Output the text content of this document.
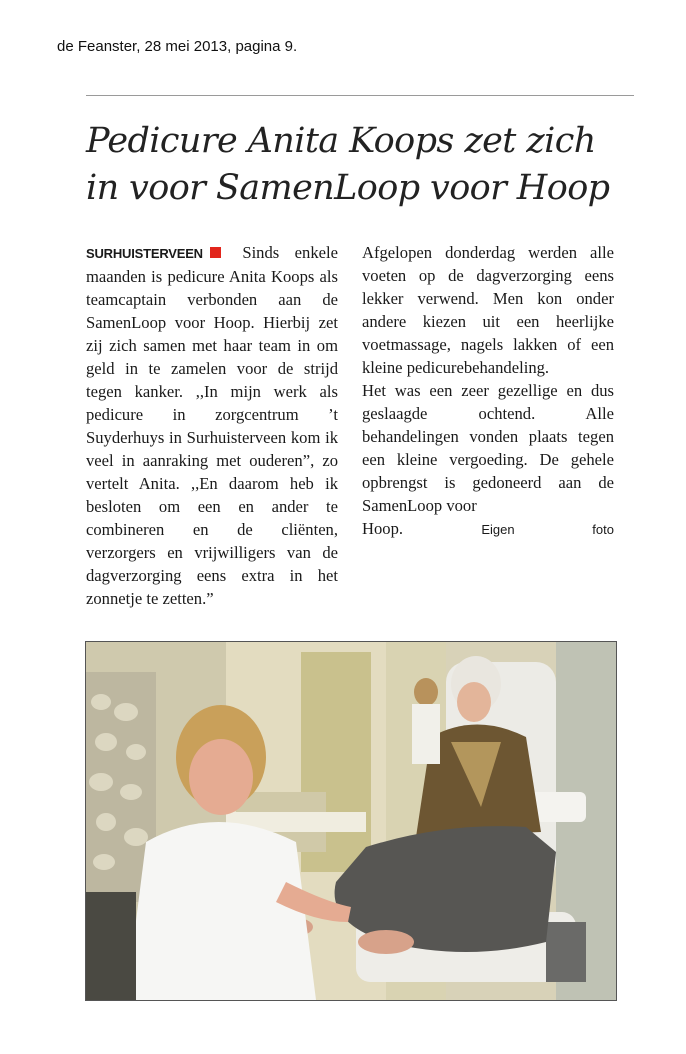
de Feanster, 28 mei 2013, pagina 9.
Pedicure Anita Koops zet zich
in voor SamenLoop voor Hoop

SURHUISTERVEEN Sinds enkele maanden is pedicure Anita Koops als teamcaptain verbonden aan de SamenLoop voor Hoop. Hierbij zet zij zich samen met haar team in om geld in te zamelen voor de strijd tegen kanker. ,,In mijn werk als pedicure in zorgcentrum ’t Suyderhuys in Surhuisterveen kom ik veel in aanraking met ouderen”, zo vertelt Anita. ,,En daarom heb ik besloten om een en ander te combineren en de cliënten, verzorgers en vrijwilligers van de dagverzorging eens extra in het zonnetje te zetten.”

Afgelopen donderdag werden alle voeten op de dagverzorging eens lekker verwend. Men kon onder andere kiezen uit een heerlijke voetmassage, nagels lakken of een kleine pedicurebehandeling.

Het was een zeer gezellige en dus geslaagde ochtend. Alle behandelingen vonden plaats tegen een kleine vergoeding. De gehele opbrengst is gedoneerd aan de SamenLoop voor

Hoop.	Eigen foto
